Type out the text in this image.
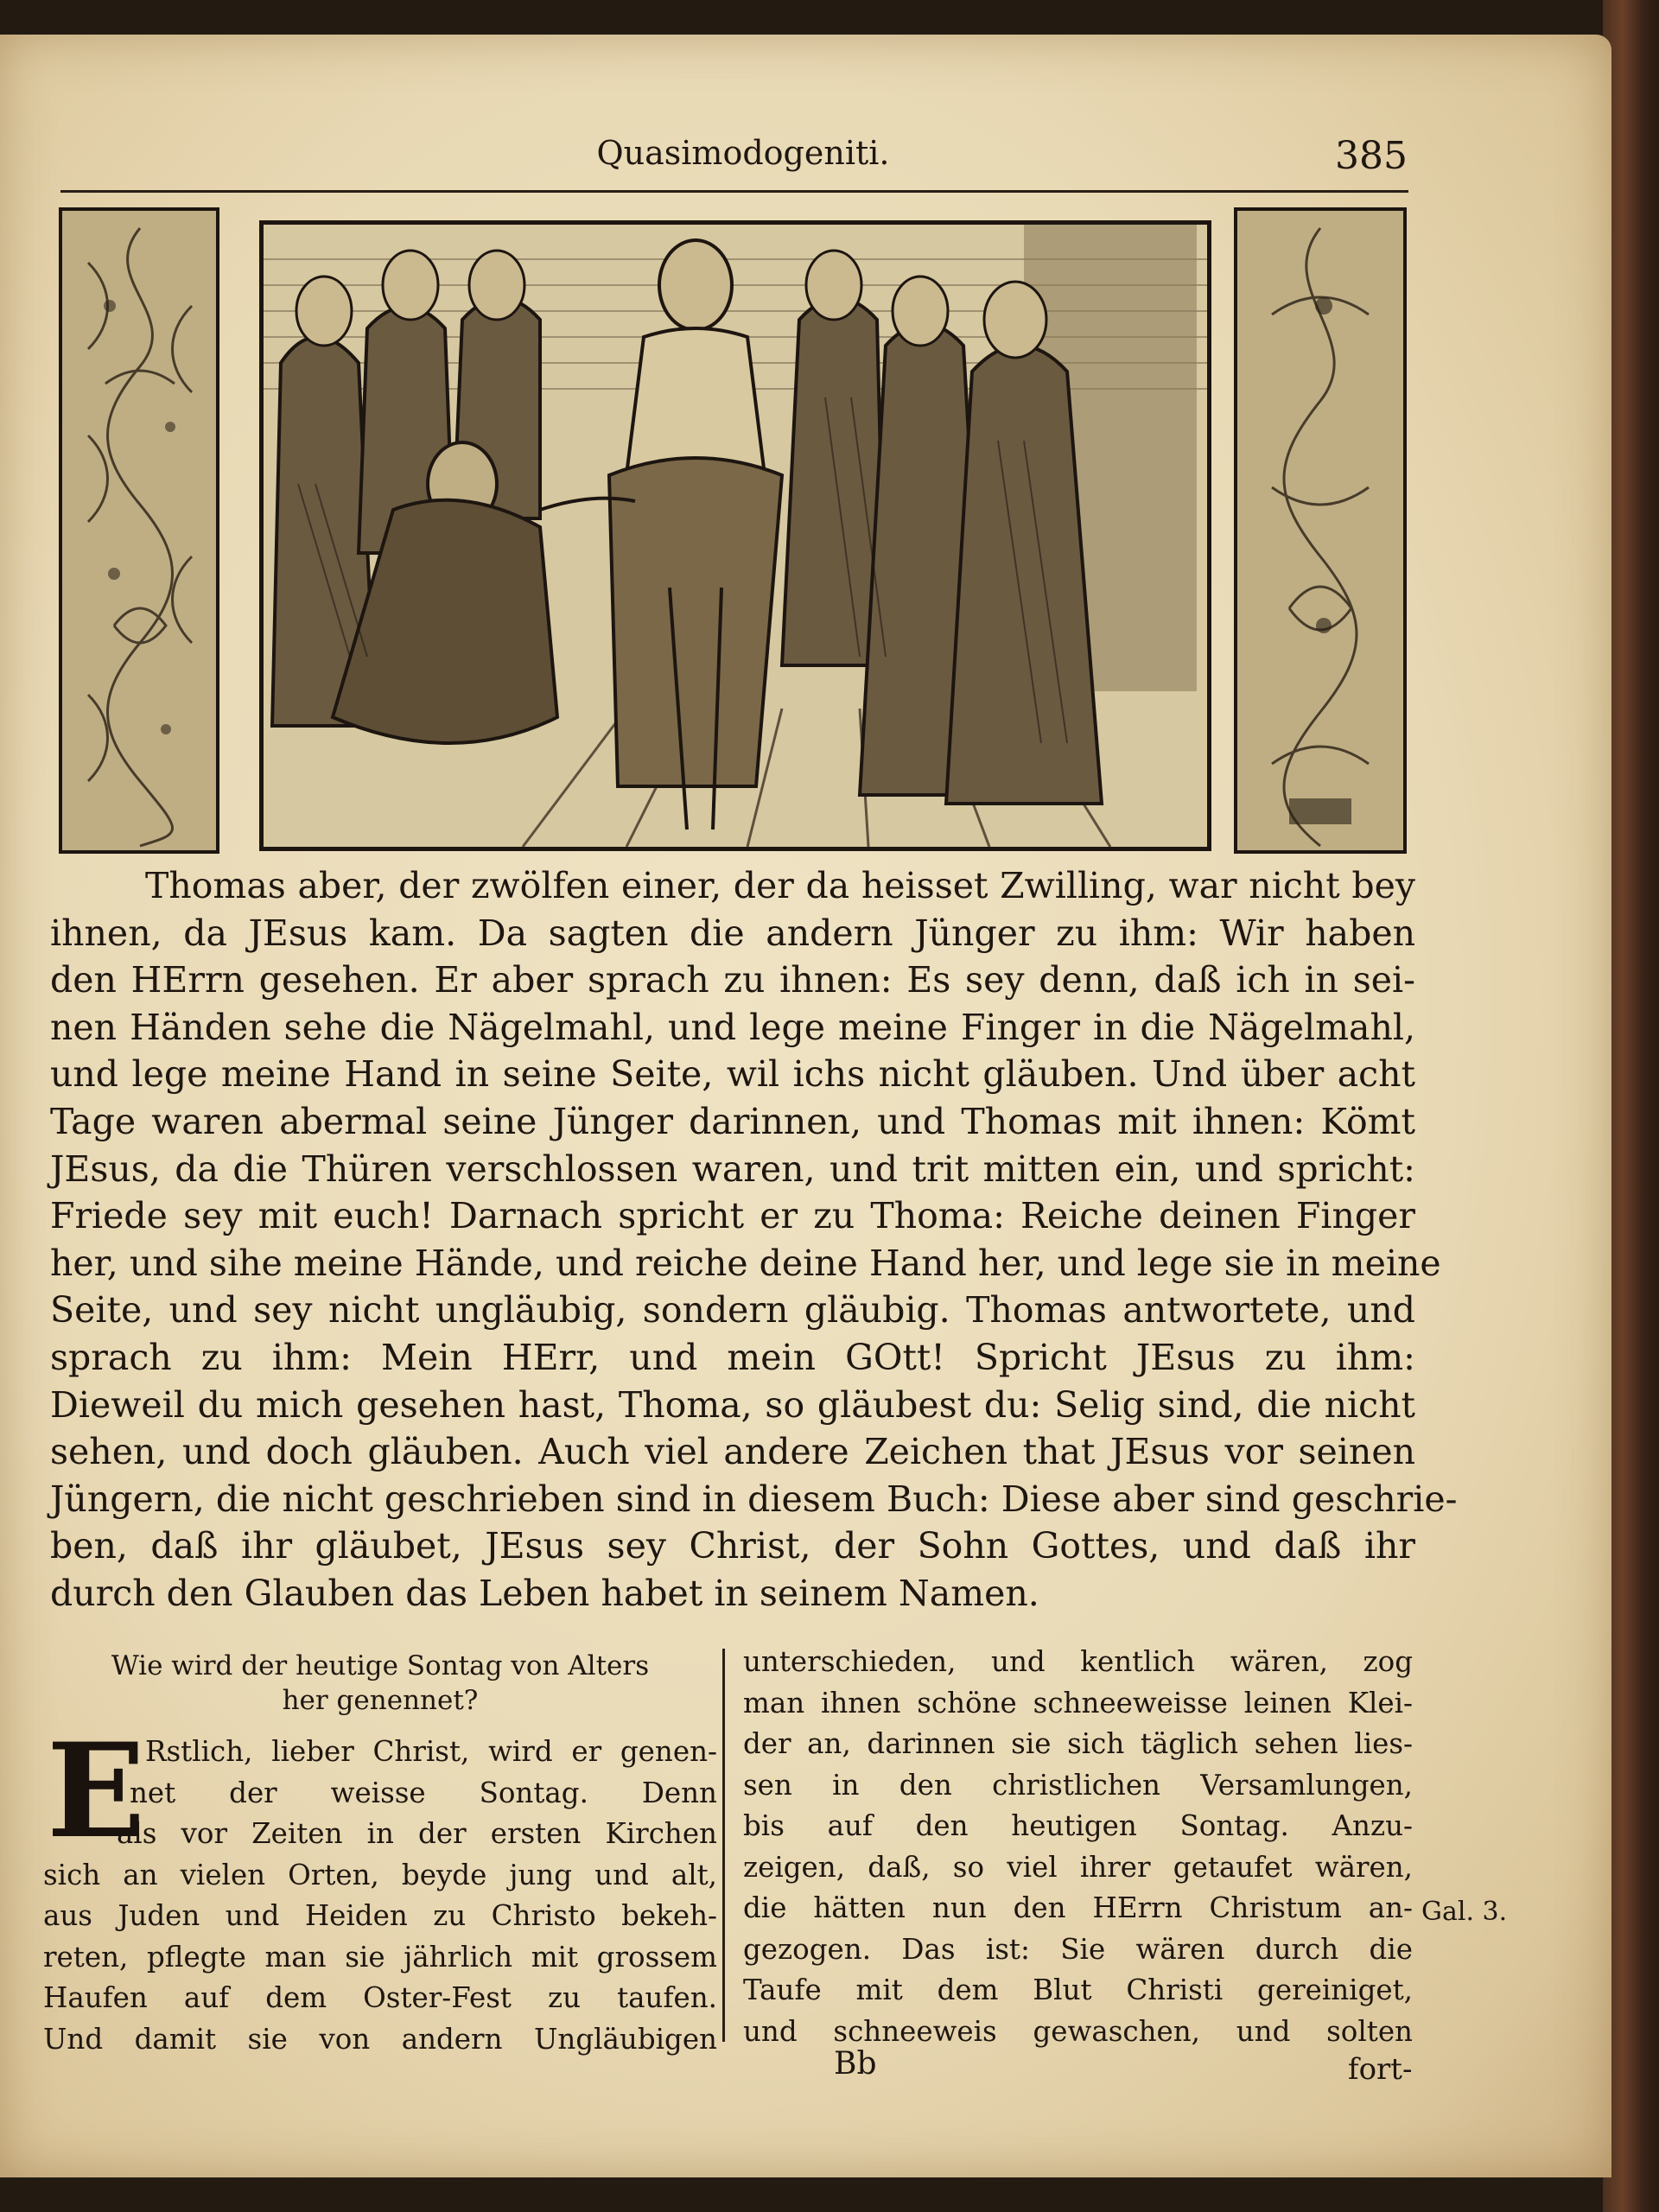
Quasimodogeniti.	385
Thomas aber, der zwölfen einer, der da heisset Zwilling, war nicht bey
ihnen, da JEsus kam. Da sagten die andern Jünger zu ihm: Wir haben
den HErrn gesehen. Er aber sprach zu ihnen: Es sey denn, daß ich in sei-
nen Händen sehe die Nägelmahl, und lege meine Finger in die Nägelmahl,
und lege meine Hand in seine Seite, wil ichs nicht gläuben. Und über acht
Tage waren abermal seine Jünger darinnen, und Thomas mit ihnen: Kömt
JEsus, da die Thüren verschlossen waren, und trit mitten ein, und spricht:
Friede sey mit euch! Darnach spricht er zu Thoma: Reiche deinen Finger
her, und sihe meine Hände, und reiche deine Hand her, und lege sie in meine
Seite, und sey nicht ungläubig, sondern gläubig. Thomas antwortete, und
sprach zu ihm: Mein HErr, und mein GOtt! Spricht JEsus zu ihm:
Dieweil du mich gesehen hast, Thoma, so gläubest du: Selig sind, die nicht
sehen, und doch gläuben. Auch viel andere Zeichen that JEsus vor seinen
Jüngern, die nicht geschrieben sind in diesem Buch: Diese aber sind geschrie-
ben, daß ihr gläubet, JEsus sey Christ, der Sohn Gottes, und daß ihr
durch den Glauben das Leben habet in seinem Namen.
Wie wird der heutige Sontag von Alters
her genennet?
E Rstlich, lieber Christ, wird er genen-
net der weisse Sontag. Denn
als vor Zeiten in der ersten Kirchen
sich an vielen Orten, beyde jung und alt,
aus Juden und Heiden zu Christo bekeh-
reten, pflegte man sie jährlich mit grossem
Haufen auf dem Oster-Fest zu taufen.
Und damit sie von andern Ungläubigen
unterschieden, und kentlich wären, zog
man ihnen schöne schneeweisse leinen Klei-
der an, darinnen sie sich täglich sehen lies-
sen in den christlichen Versamlungen,
bis auf den heutigen Sontag. Anzu-
zeigen, daß, so viel ihrer getaufet wären,
die hätten nun den HErrn Christum an-
gezogen. Das ist: Sie wären durch die
Taufe mit dem Blut Christi gereiniget,
und schneeweis gewaschen, und solten
Gal. 3.
Bb	fort-
